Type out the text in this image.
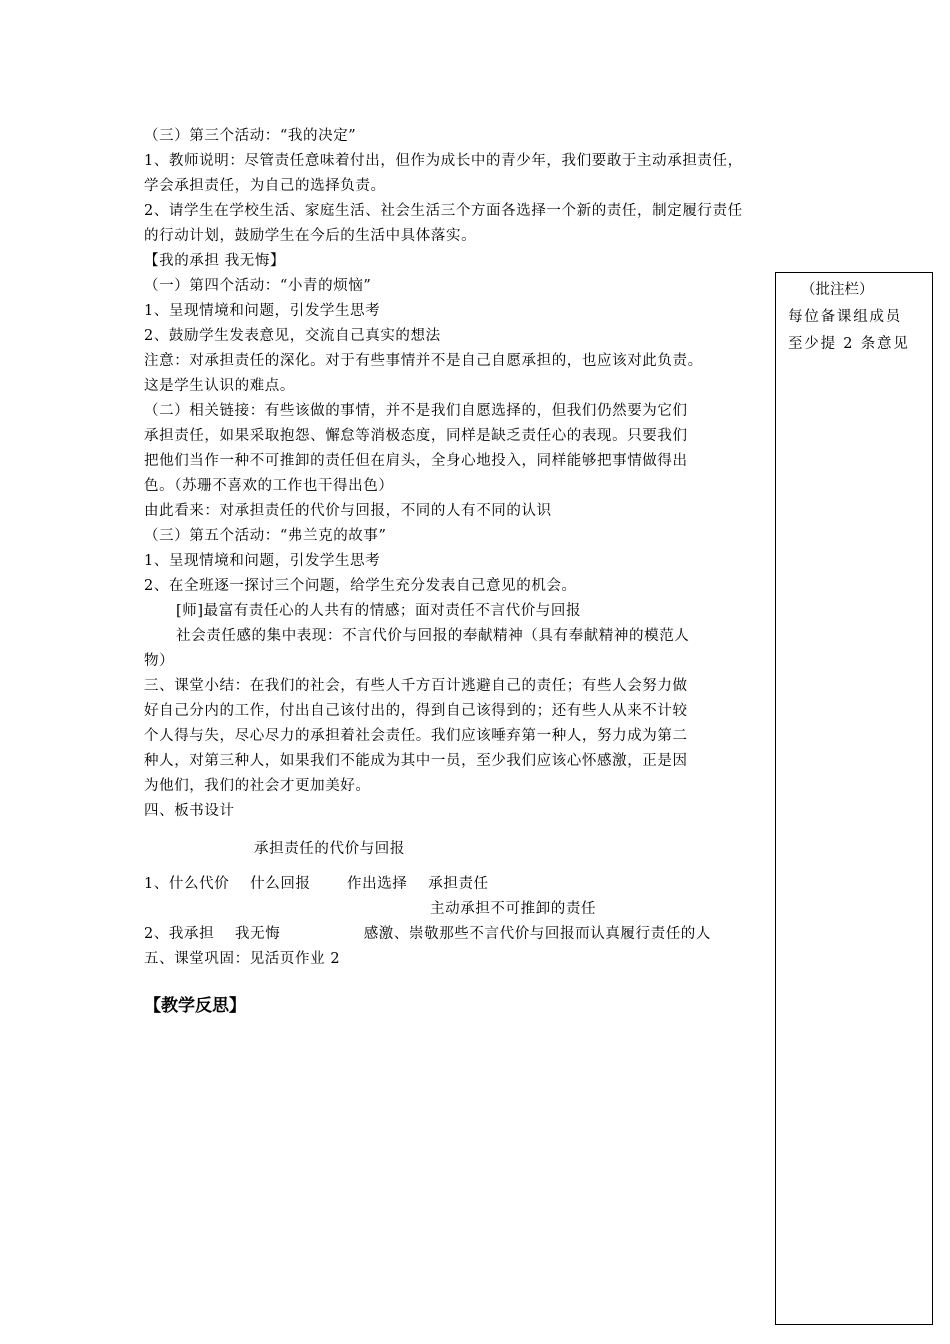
（三）第三个活动：“我的决定”
1、教师说明：尽管责任意味着付出，但作为成长中的青少年，我们要敢于主动承担责任，
学会承担责任，为自己的选择负责。
2、请学生在学校生活、家庭生活、社会生活三个方面各选择一个新的责任，制定履行责任
的行动计划，鼓励学生在今后的生活中具体落实。
【我的承担 我无悔】
（一）第四个活动：“小青的烦恼”
1、呈现情境和问题，引发学生思考
2、鼓励学生发表意见，交流自己真实的想法
注意：对承担责任的深化。对于有些事情并不是自己自愿承担的，也应该对此负责。
这是学生认识的难点。
（二）相关链接：有些该做的事情，并不是我们自愿选择的，但我们仍然要为它们
承担责任，如果采取抱怨、懈怠等消极态度，同样是缺乏责任心的表现。只要我们
把他们当作一种不可推卸的责任但在肩头，全身心地投入，同样能够把事情做得出
色。（苏珊不喜欢的工作也干得出色）
由此看来：对承担责任的代价与回报，不同的人有不同的认识
（三）第五个活动：“弗兰克的故事”
1、呈现情境和问题，引发学生思考
2、在全班逐一探讨三个问题，给学生充分发表自己意见的机会。
[师]最富有责任心的人共有的情感；面对责任不言代价与回报
社会责任感的集中表现：不言代价与回报的奉献精神（具有奉献精神的模范人
物）
三、课堂小结：在我们的社会，有些人千方百计逃避自己的责任；有些人会努力做
好自己分内的工作，付出自己该付出的，得到自己该得到的；还有些人从来不计较
个人得与失，尽心尽力的承担着社会责任。我们应该唾弃第一种人，努力成为第二
种人，对第三种人，如果我们不能成为其中一员，至少我们应该心怀感激，正是因
为他们，我们的社会才更加美好。
四、板书设计
承担责任的代价与回报
1、什么代价    什么回报       作出选择    承担责任
主动承担不可推卸的责任
2、我承担    我无悔                感激、崇敬那些不言代价与回报而认真履行责任的人
五、课堂巩固：见活页作业 2
【教学反思】
（批注栏）
每位备课组成员
至少提 2 条意见
